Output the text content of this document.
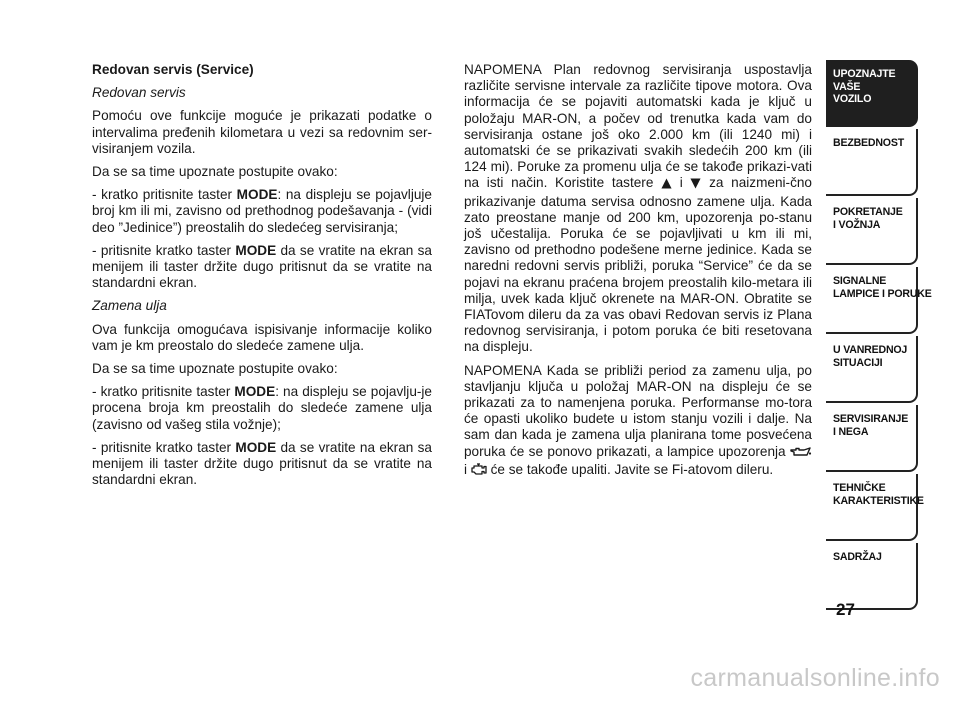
Redovan servis (Service)

Redovan servis

Pomoću ove funkcije moguće je prikazati podatke o intervalima pređenih kilometara u vezi sa redovnim ser-visiranjem vozila.

Da se sa time upoznate postupite ovako:

- kratko pritisnite taster MODE: na displeju se pojavljuje broj km ili mi, zavisno od prethodnog podešavanja - (vidi deo ”Jedinice”) preostalih do sledećeg servisiranja;

- pritisnite kratko taster MODE da se vratite na ekran sa menijem ili taster držite dugo pritisnut da se vratite na standardni ekran.

Zamena ulja

Ova funkcija omogućava ispisivanje informacije koliko vam je km preostalo do sledeće zamene ulja.

Da se sa time upoznate postupite ovako:

- kratko pritisnite taster MODE: na displeju se pojavlju-je procena broja km preostalih do sledeće zamene ulja (zavisno od vašeg stila vožnje);

- pritisnite kratko taster MODE da se vratite na ekran sa menijem ili taster držite dugo pritisnut da se vratite na standardni ekran.

NAPOMENA Plan redovnog servisiranja uspostavlja različite servisne intervale za različite tipove motora. Ova informacija će se pojaviti automatski kada je ključ u položaju MAR-ON, a počev od trenutka kada vam do servisiranja ostane još oko 2.000 km (ili 1240 mi) i automatski će se prikazivati svakih sledećih 200 km (ili 124 mi). Poruke za promenu ulja će se takođe prikazi-vati na isti način. Koristite tastere  i  za naizmeni-čno prikazivanje datuma servisa odnosno zamene ulja. Kada zato preostane manje od 200 km, upozorenja po-stanu još učestalija. Poruka će se pojavljivati u km ili mi, zavisno od prethodno podešene merne jedinice. Kada se naredni redovni servis približi, poruka “Service” će da se pojavi na ekranu praćena brojem preostalih kilo-metara ili milja, uvek kada ključ okrenete na MAR-ON. Obratite se FIATovom dileru da za vas obavi Redovan servis iz Plana redovnog servisiranja, i potom poruka će biti resetovana na displeju.

NAPOMENA Kada se približi period za zamenu ulja, po stavljanju ključa u položaj MAR-ON na displeju će se prikazati za to namenjena poruka. Performanse mo-tora će opasti ukoliko budete u istom stanju vozili i dalje. Na sam dan kada je zamena ulja planirana tome posvećena poruka će se ponovo prikazati, a lampice upozorenja  i  će se takođe upaliti. Javite se Fi-atovom dileru.

UPOZNAJTE
VAŠE
VOZILO
BEZBEDNOST
POKRETANJE
I VOŽNJA
SIGNALNE
LAMPICE I PORUKE
U VANREDNOJ
SITUACIJI
SERVISIRANJE
I NEGA
TEHNIČKE
KARAKTERISTIKE
SADRŽAJ
27
carmanualsonline.info
